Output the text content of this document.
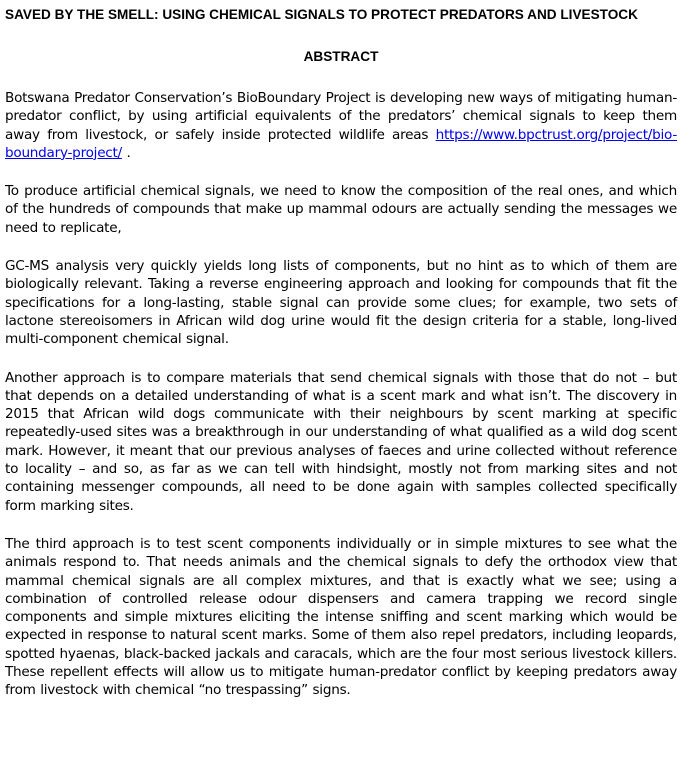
SAVED BY THE SMELL: USING CHEMICAL SIGNALS TO PROTECT PREDATORS AND LIVESTOCK
ABSTRACT

Botswana Predator Conservation’s BioBoundary Project is developing new ways of mitigating human-predator conflict, by using artificial equivalents of the predators’ chemical signals to keep them away from livestock, or safely inside protected wildlife areas https://www.bpctrust.org/project/bio-boundary-project/ .

To produce artificial chemical signals, we need to know the composition of the real ones, and which of the hundreds of compounds that make up mammal odours are actually sending the messages we need to replicate,

GC-MS analysis very quickly yields long lists of components, but no hint as to which of them are biologically relevant. Taking a reverse engineering approach and looking for compounds that fit the specifications for a long-lasting, stable signal can provide some clues; for example, two sets of lactone stereoisomers in African wild dog urine would fit the design criteria for a stable, long-lived multi-component chemical signal.

Another approach is to compare materials that send chemical signals with those that do not – but that depends on a detailed understanding of what is a scent mark and what isn’t. The discovery in 2015 that African wild dogs communicate with their neighbours by scent marking at specific repeatedly-used sites was a breakthrough in our understanding of what qualified as a wild dog scent mark. However, it meant that our previous analyses of faeces and urine collected without reference to locality – and so, as far as we can tell with hindsight, mostly not from marking sites and not containing messenger compounds, all need to be done again with samples collected specifically form marking sites.

The third approach is to test scent components individually or in simple mixtures to see what the animals respond to. That needs animals and the chemical signals to defy the orthodox view that mammal chemical signals are all complex mixtures, and that is exactly what we see; using a combination of controlled release odour dispensers and camera trapping we record single components and simple mixtures eliciting the intense sniffing and scent marking which would be expected in response to natural scent marks. Some of them also repel predators, including leopards, spotted hyaenas, black-backed jackals and caracals, which are the four most serious livestock killers. These repellent effects will allow us to mitigate human-predator conflict by keeping predators away from livestock with chemical “no trespassing” signs.
